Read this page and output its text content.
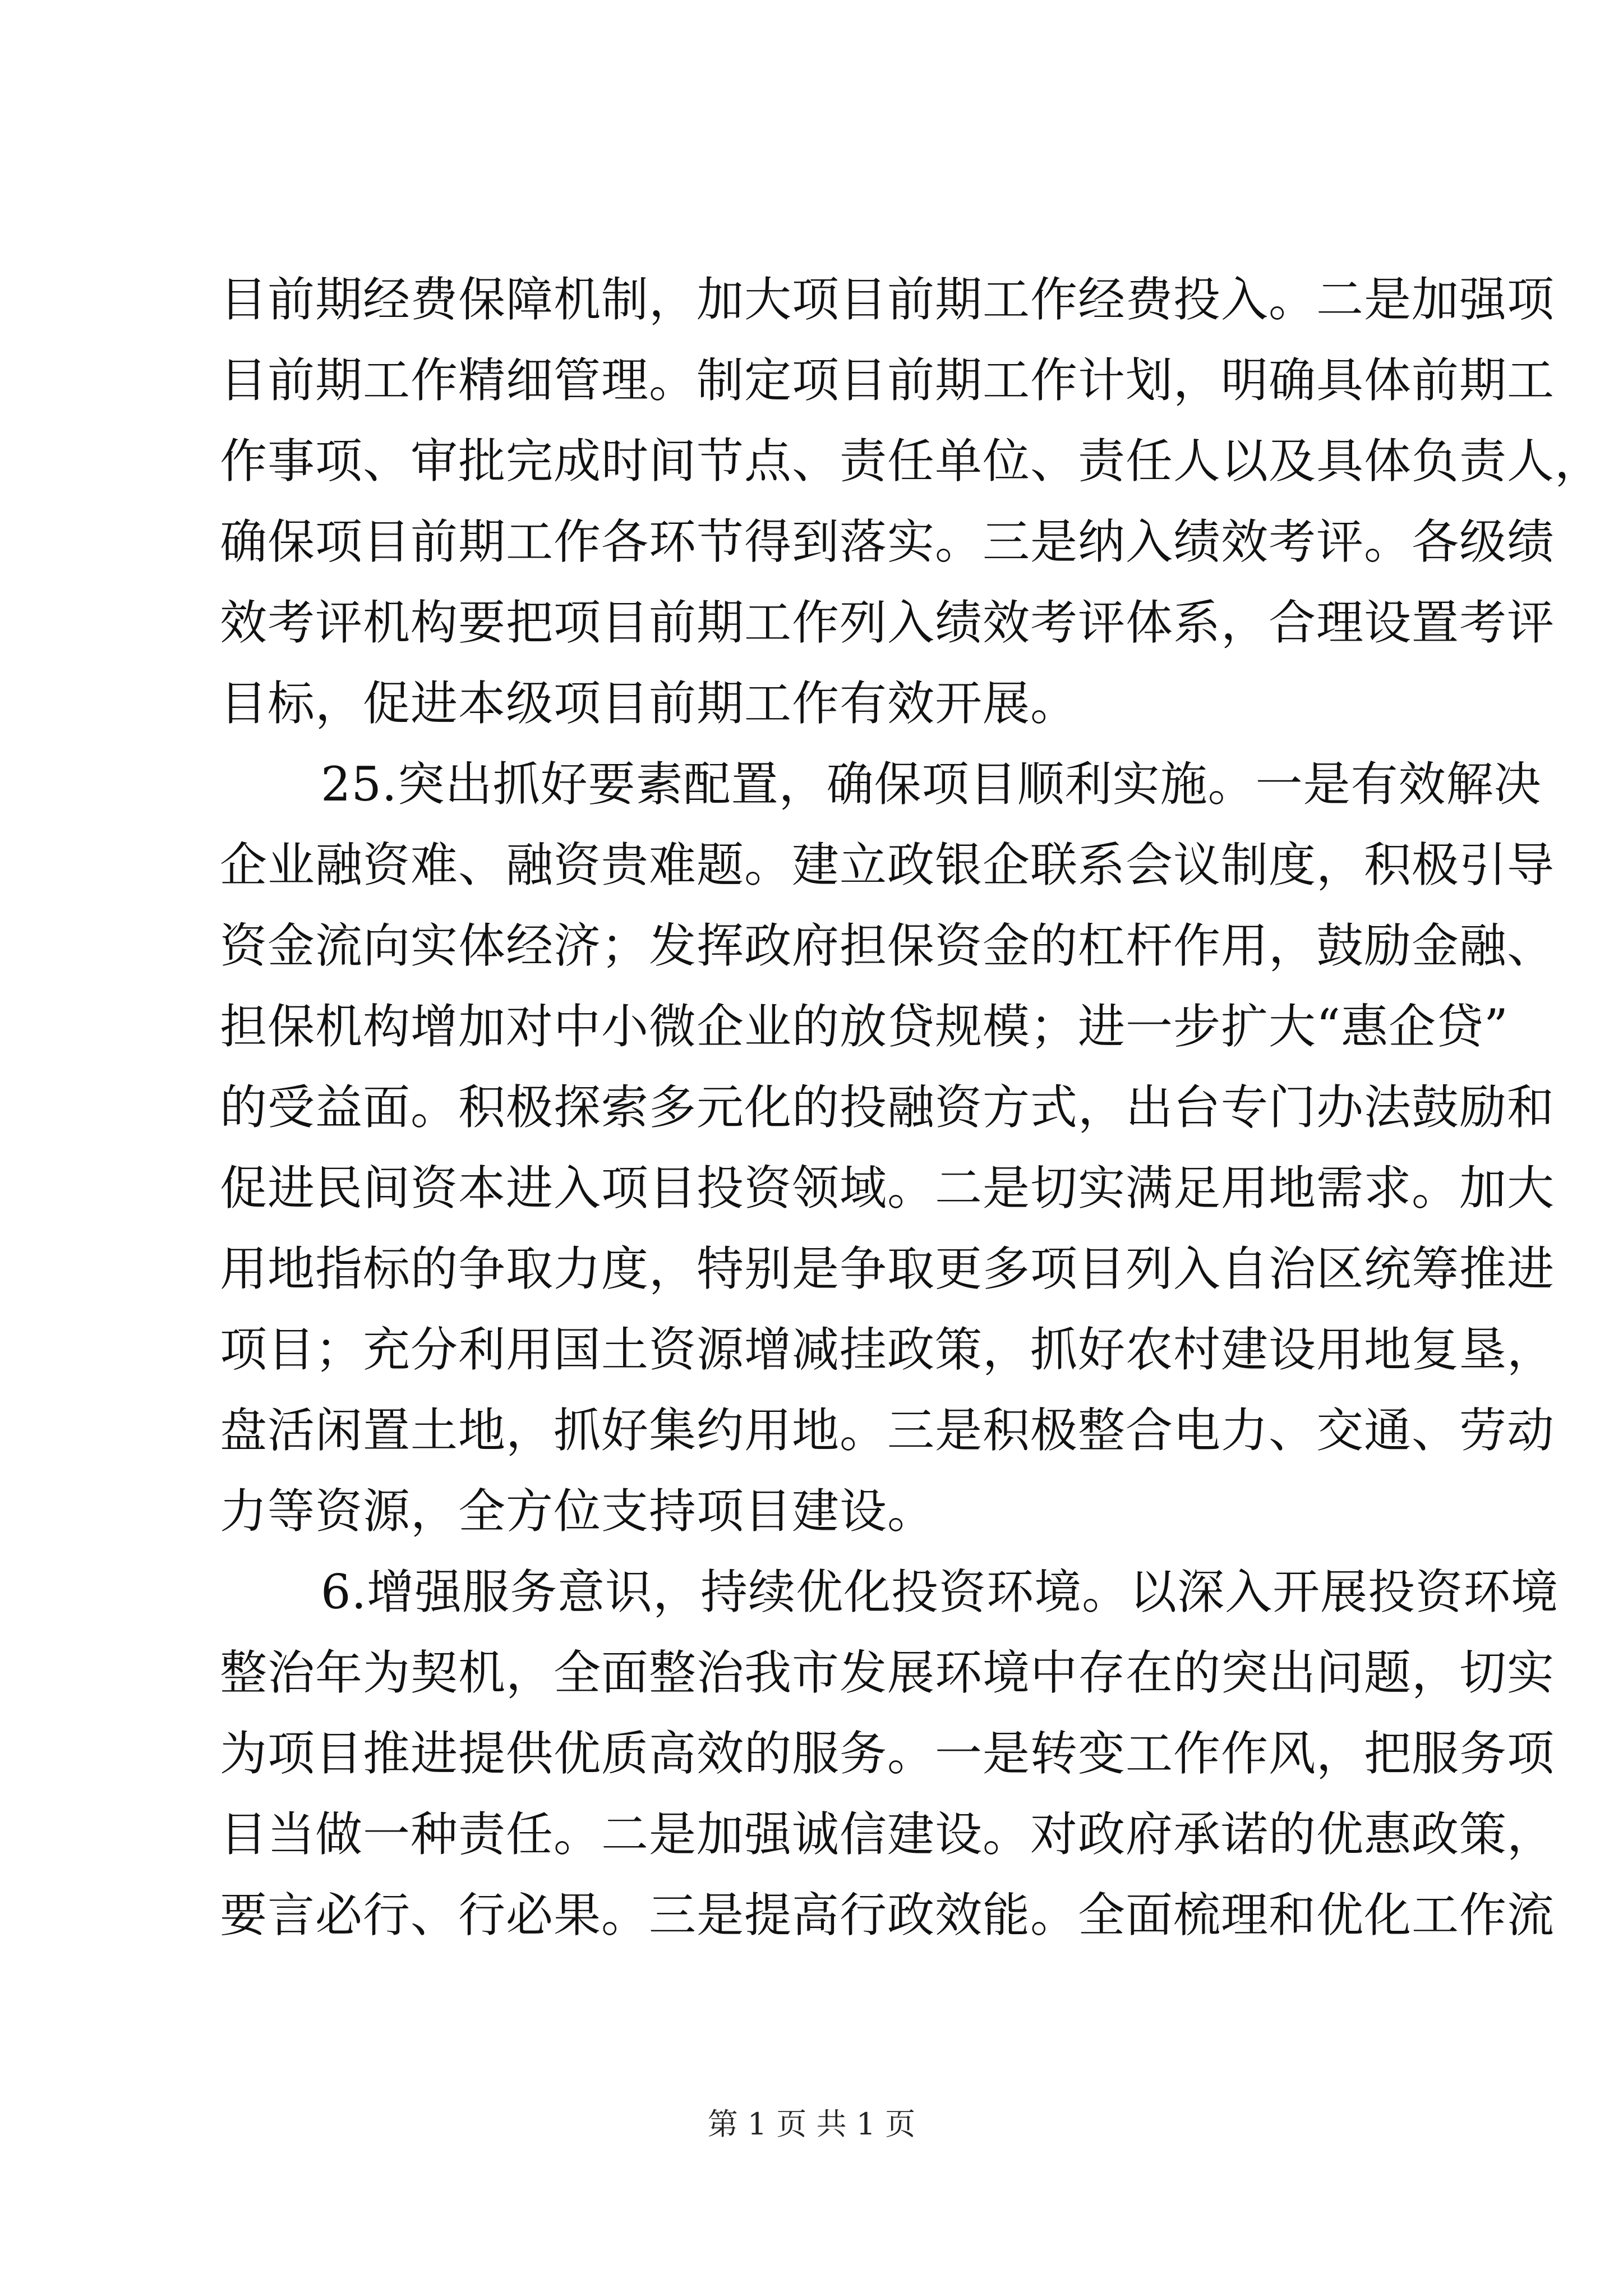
目前期经费保障机制，加大项目前期工作经费投入。二是加强项
目前期工作精细管理。制定项目前期工作计划，明确具体前期工
作事项、审批完成时间节点、责任单位、责任人以及具体负责人，
确保项目前期工作各环节得到落实。三是纳入绩效考评。各级绩
效考评机构要把项目前期工作列入绩效考评体系，合理设置考评
目标，促进本级项目前期工作有效开展。
25.突出抓好要素配置，确保项目顺利实施。一是有效解决
企业融资难、融资贵难题。建立政银企联系会议制度，积极引导
资金流向实体经济；发挥政府担保资金的杠杆作用，鼓励金融、
担保机构增加对中小微企业的放贷规模；进一步扩大“惠企贷”
的受益面。积极探索多元化的投融资方式，出台专门办法鼓励和
促进民间资本进入项目投资领域。二是切实满足用地需求。加大
用地指标的争取力度，特别是争取更多项目列入自治区统筹推进
项目；充分利用国土资源增减挂政策，抓好农村建设用地复垦，
盘活闲置土地，抓好集约用地。三是积极整合电力、交通、劳动
力等资源，全方位支持项目建设。
6.增强服务意识，持续优化投资环境。以深入开展投资环境
整治年为契机，全面整治我市发展环境中存在的突出问题，切实
为项目推进提供优质高效的服务。一是转变工作作风，把服务项
目当做一种责任。二是加强诚信建设。对政府承诺的优惠政策，
要言必行、行必果。三是提高行政效能。全面梳理和优化工作流
第 1 页 共 1 页
